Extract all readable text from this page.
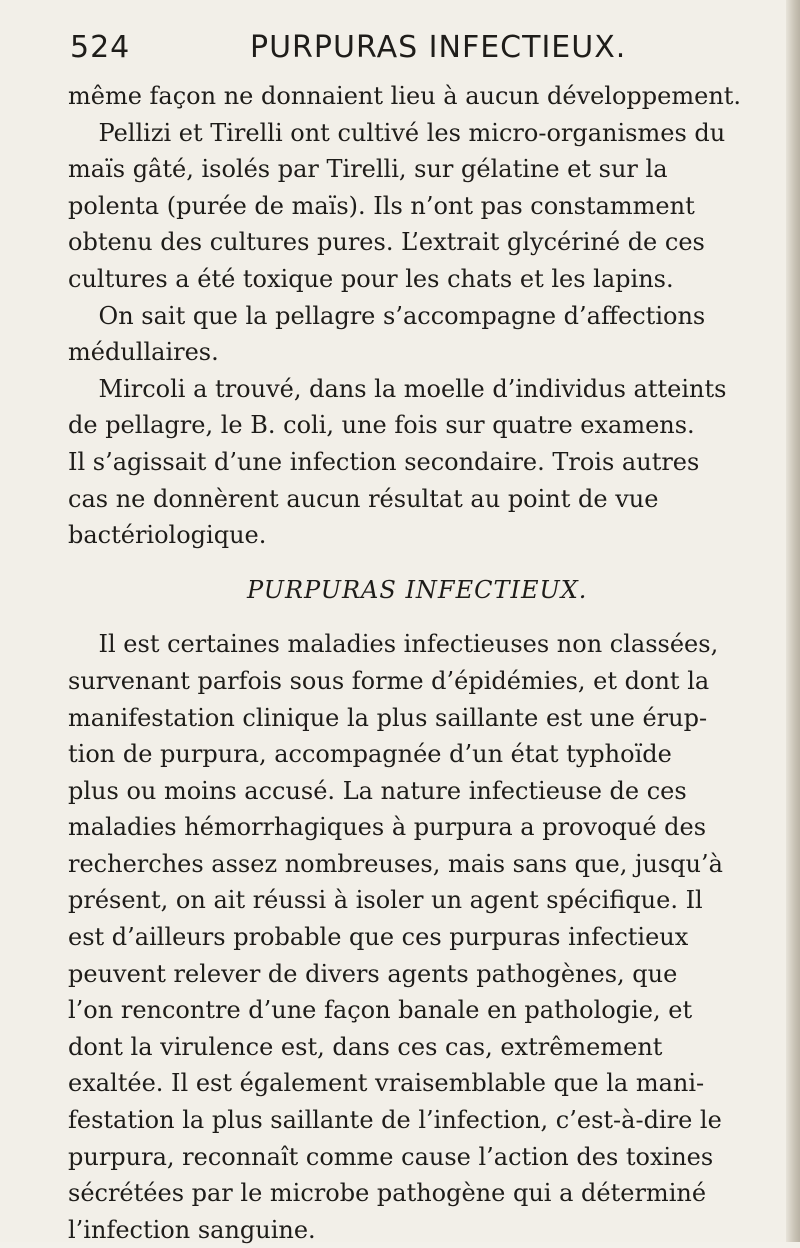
524	PURPURAS INFECTIEUX.

même façon ne donnaient lieu à aucun développement.

Pellizi et Tirelli ont cultivé les micro-organismes du

maïs gâté, isolés par Tirelli, sur gélatine et sur la

polenta (purée de maïs). Ils n’ont pas constamment

obtenu des cultures pures. L’extrait glycériné de ces

cultures a été toxique pour les chats et les lapins.

On sait que la pellagre s’accompagne d’affections

médullaires.

Mircoli a trouvé, dans la moelle d’individus atteints

de pellagre, le B. coli, une fois sur quatre examens.

Il s’agissait d’une infection secondaire. Trois autres

cas ne donnèrent aucun résultat au point de vue

bactériologique.

PURPURAS INFECTIEUX.

Il est certaines maladies infectieuses non classées,

survenant parfois sous forme d’épidémies, et dont la

manifestation clinique la plus saillante est une érup-

tion de purpura, accompagnée d’un état typhoïde

plus ou moins accusé. La nature infectieuse de ces

maladies hémorrhagiques à purpura a provoqué des

recherches assez nombreuses, mais sans que, jusqu’à

présent, on ait réussi à isoler un agent spécifique. Il

est d’ailleurs probable que ces purpuras infectieux

peuvent relever de divers agents pathogènes, que

l’on rencontre d’une façon banale en pathologie, et

dont la virulence est, dans ces cas, extrêmement

exaltée. Il est également vraisemblable que la mani-

festation la plus saillante de l’infection, c’est-à-dire le

purpura, reconnaît comme cause l’action des toxines

sécrétées par le microbe pathogène qui a déterminé

l’infection sanguine.
